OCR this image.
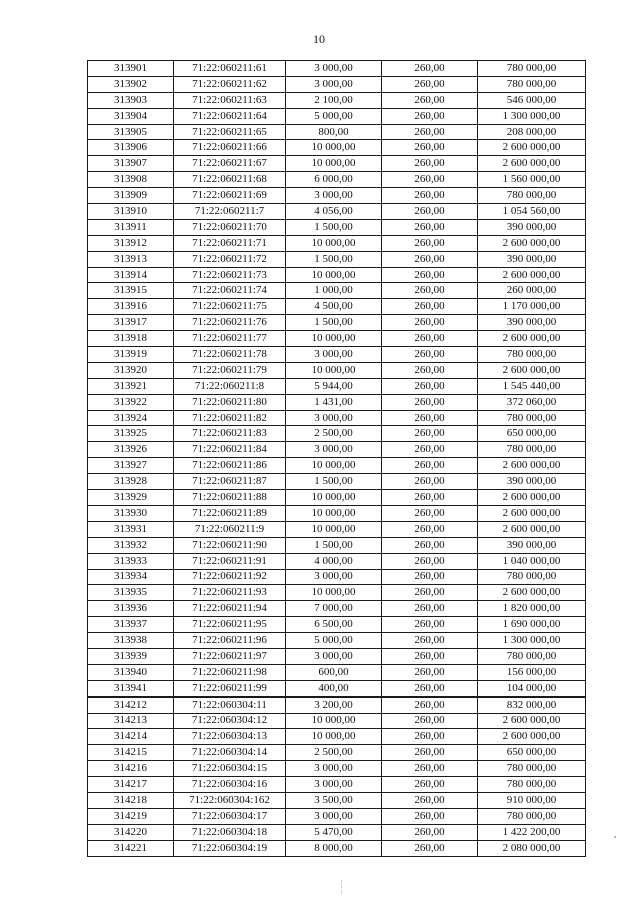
10
313901	71:22:060211:61	3 000,00	260,00	780 000,00
313902	71:22:060211:62	3 000,00	260,00	780 000,00
313903	71:22:060211:63	2 100,00	260,00	546 000,00
313904	71:22:060211:64	5 000,00	260,00	1 300 000,00
313905	71:22:060211:65	800,00	260,00	208 000,00
313906	71:22:060211:66	10 000,00	260,00	2 600 000,00
313907	71:22:060211:67	10 000,00	260,00	2 600 000,00
313908	71:22:060211:68	6 000,00	260,00	1 560 000,00
313909	71:22:060211:69	3 000,00	260,00	780 000,00
313910	71:22:060211:7	4 056,00	260,00	1 054 560,00
313911	71:22:060211:70	1 500,00	260,00	390 000,00
313912	71:22:060211:71	10 000,00	260,00	2 600 000,00
313913	71:22:060211:72	1 500,00	260,00	390 000,00
313914	71:22:060211:73	10 000,00	260,00	2 600 000,00
313915	71:22:060211:74	1 000,00	260,00	260 000,00
313916	71:22:060211:75	4 500,00	260,00	1 170 000,00
313917	71:22:060211:76	1 500,00	260,00	390 000,00
313918	71:22:060211:77	10 000,00	260,00	2 600 000,00
313919	71:22:060211:78	3 000,00	260,00	780 000,00
313920	71:22:060211:79	10 000,00	260,00	2 600 000,00
313921	71:22:060211:8	5 944,00	260,00	1 545 440,00
313922	71:22:060211:80	1 431,00	260,00	372 060,00
313924	71:22:060211:82	3 000,00	260,00	780 000,00
313925	71:22:060211:83	2 500,00	260,00	650 000,00
313926	71:22:060211:84	3 000,00	260,00	780 000,00
313927	71:22:060211:86	10 000,00	260,00	2 600 000,00
313928	71:22:060211:87	1 500,00	260,00	390 000,00
313929	71:22:060211:88	10 000,00	260,00	2 600 000,00
313930	71:22:060211:89	10 000,00	260,00	2 600 000,00
313931	71:22:060211:9	10 000,00	260,00	2 600 000,00
313932	71:22:060211:90	1 500,00	260,00	390 000,00
313933	71:22:060211:91	4 000,00	260,00	1 040 000,00
313934	71:22:060211:92	3 000,00	260,00	780 000,00
313935	71:22:060211:93	10 000,00	260,00	2 600 000,00
313936	71:22:060211:94	7 000,00	260,00	1 820 000,00
313937	71:22:060211:95	6 500,00	260,00	1 690 000,00
313938	71:22:060211:96	5 000,00	260,00	1 300 000,00
313939	71:22:060211:97	3 000,00	260,00	780 000,00
313940	71:22:060211:98	600,00	260,00	156 000,00
313941	71:22:060211:99	400,00	260,00	104 000,00
314212	71:22:060304:11	3 200,00	260,00	832 000,00
314213	71:22:060304:12	10 000,00	260,00	2 600 000,00
314214	71:22:060304:13	10 000,00	260,00	2 600 000,00
314215	71:22:060304:14	2 500,00	260,00	650 000,00
314216	71:22:060304:15	3 000,00	260,00	780 000,00
314217	71:22:060304:16	3 000,00	260,00	780 000,00
314218	71:22:060304:162	3 500,00	260,00	910 000,00
314219	71:22:060304:17	3 000,00	260,00	780 000,00
314220	71:22:060304:18	5 470,00	260,00	1 422 200,00
314221	71:22:060304:19	8 000,00	260,00	2 080 000,00
